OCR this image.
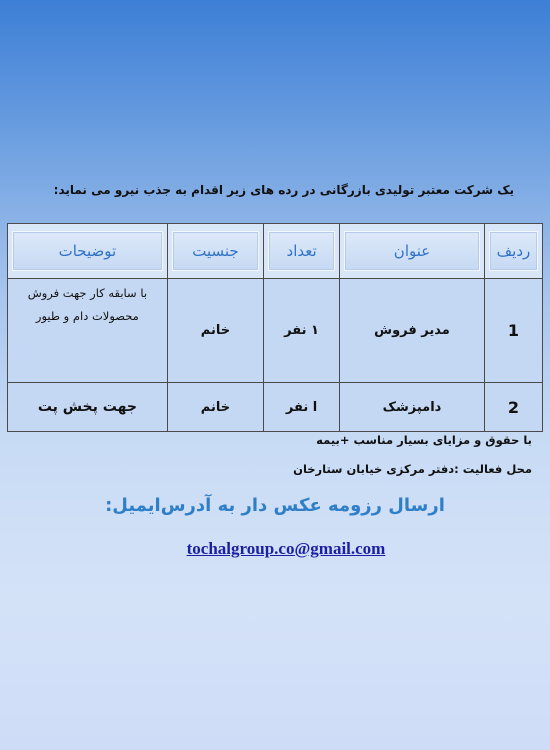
یک شرکت معتبر تولیدی بازرگانی در رده های زیر اقدام به جذب نیرو می نماید:
ردیف	عنوان	تعداد	جنسیت	توضیحات

1	مدیر فروش	۱ نفر	خانم	با سابقه کار جهت فروش محصولات دام و طیور
2	دامپزشک	ا نفر	خانم	جهت پخش پت
با حقوق و مزایای بسیار مناسب +بیمه
محل فعالیت :دفتر مرکزی خیابان ستارخان
ارسال رزومه عکس دار به آدرس‌ایمیل:
tochalgroup.co@gmail.com
